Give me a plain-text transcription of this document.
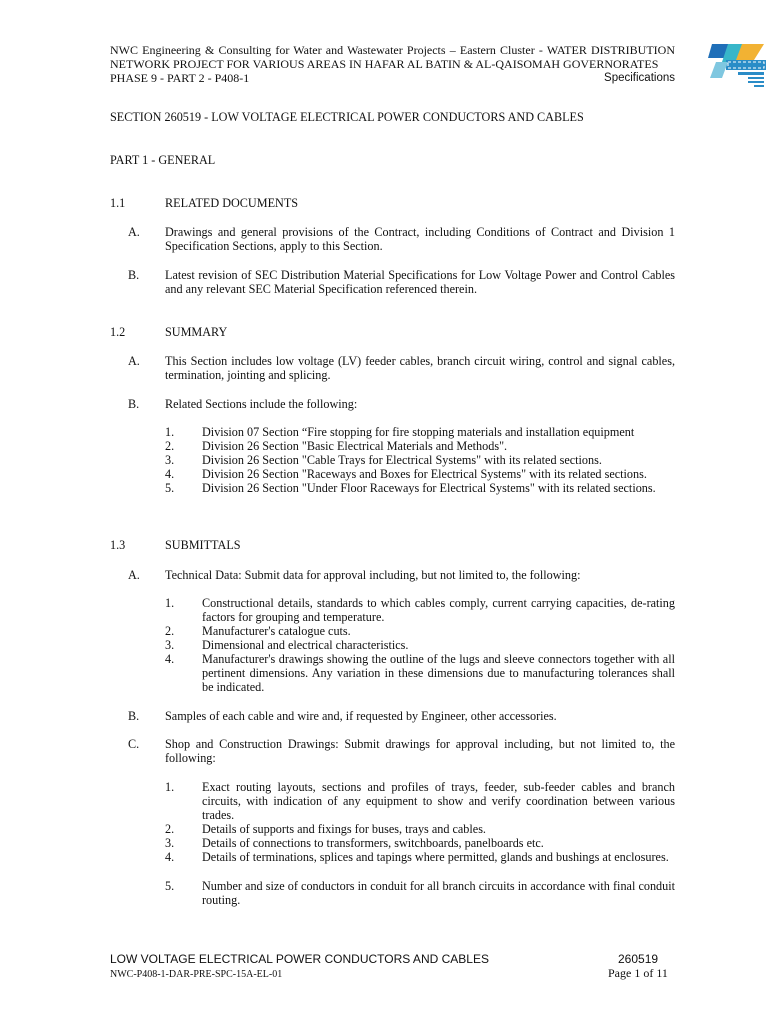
NWC Engineering & Consulting for Water and Wastewater Projects – Eastern Cluster - WATER DISTRIBUTION
NETWORK PROJECT FOR VARIOUS AREAS IN HAFAR AL BATIN & AL-QAISOMAH GOVERNORATES
PHASE 9 - PART 2 - P408-1	Specifications
SECTION 260519 - LOW VOLTAGE ELECTRICAL POWER CONDUCTORS AND CABLES
PART 1 - GENERAL
1.1	RELATED DOCUMENTS
A. Drawings and general provisions of the Contract, including Conditions of Contract and Division 1 Specification Sections, apply to this Section.
B. Latest revision of SEC Distribution Material Specifications for Low Voltage Power and Control Cables and any relevant SEC Material Specification referenced therein.
1.2	SUMMARY
A. This Section includes low voltage (LV) feeder cables, branch circuit wiring, control and signal cables, termination, jointing and splicing.
B. Related Sections include the following:
1. Division 07 Section “Fire stopping for fire stopping materials and installation equipment
2. Division 26 Section "Basic Electrical Materials and Methods".
3. Division 26 Section "Cable Trays for Electrical Systems" with its related sections.
4. Division 26 Section "Raceways and Boxes for Electrical Systems" with its related sections.
5. Division 26 Section "Under Floor Raceways for Electrical Systems" with its related sections.
1.3	SUBMITTALS
A. Technical Data: Submit data for approval including, but not limited to, the following:
1. Constructional details, standards to which cables comply, current carrying capacities, de-rating factors for grouping and temperature.
2. Manufacturer's catalogue cuts.
3. Dimensional and electrical characteristics.
4. Manufacturer's drawings showing the outline of the lugs and sleeve connectors together with all pertinent dimensions. Any variation in these dimensions due to manufacturing tolerances shall be indicated.
B. Samples of each cable and wire and, if requested by Engineer, other accessories.
C. Shop and Construction Drawings: Submit drawings for approval including, but not limited to, the following:
1. Exact routing layouts, sections and profiles of trays, feeder, sub-feeder cables and branch circuits, with indication of any equipment to show and verify coordination between various trades.
2. Details of supports and fixings for buses, trays and cables.
3. Details of connections to transformers, switchboards, panelboards etc.
4. Details of terminations, splices and tapings where permitted, glands and bushings at enclosures.
5. Number and size of conductors in conduit for all branch circuits in accordance with final conduit routing.
LOW VOLTAGE ELECTRICAL POWER CONDUCTORS AND CABLES	260519
NWC-P408-1-DAR-PRE-SPC-15A-EL-01	Page 1 of 11
